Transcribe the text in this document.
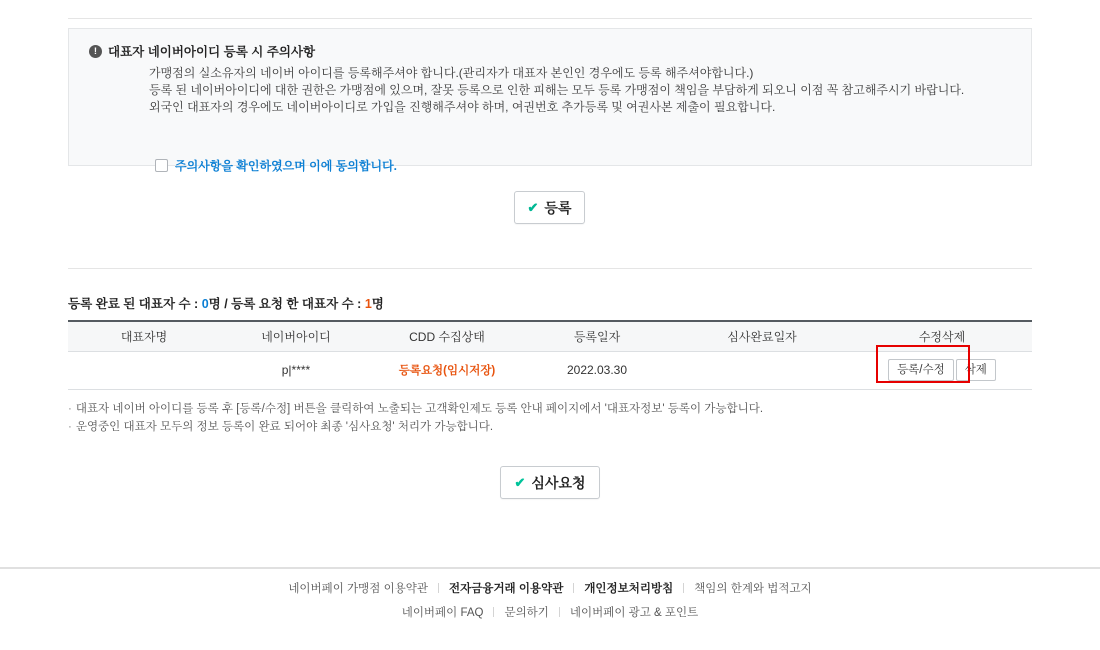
! 대표자 네이버아이디 등록 시 주의사항
가맹점의 실소유자의 네이버 아이디를 등록해주셔야 합니다.(관리자가 대표자 본인인 경우에도 등록 해주셔야합니다.)
등록 된 네이버아이디에 대한 권한은 가맹점에 있으며, 잘못 등록으로 인한 피해는 모두 등록 가맹점이 책임을 부담하게 되오니 이점 꼭 참고해주시기 바랍니다.
외국인 대표자의 경우에도 네이버아이디로 가입을 진행해주셔야 하며, 여권번호 추가등록 및 여권사본 제출이 필요합니다.
주의사항을 확인하였으며 이에 동의합니다.
✔ 등록
등록 완료 된 대표자 수 : 0명 / 등록 요청 한 대표자 수 : 1명
대표자명	네이버아이디	CDD 수집상태	등록일자	심사완료일자	수정삭제
	p|****	등록요청(임시저장)	2022.03.30		등록/수정 삭제
· 대표자 네이버 아이디를 등록 후 [등록/수정] 버튼을 클릭하여 노출되는 고객확인제도 등록 안내 페이지에서 '대표자정보' 등록이 가능합니다.
· 운영중인 대표자 모두의 정보 등록이 완료 되어야 최종 '심사요청' 처리가 가능합니다.
✔ 심사요청
네이버페이 가맹점 이용약관	전자금융거래 이용약관	개인정보처리방침	책임의 한계와 법적고지
네이버페이 FAQ	문의하기	네이버페이 광고 & 포인트
